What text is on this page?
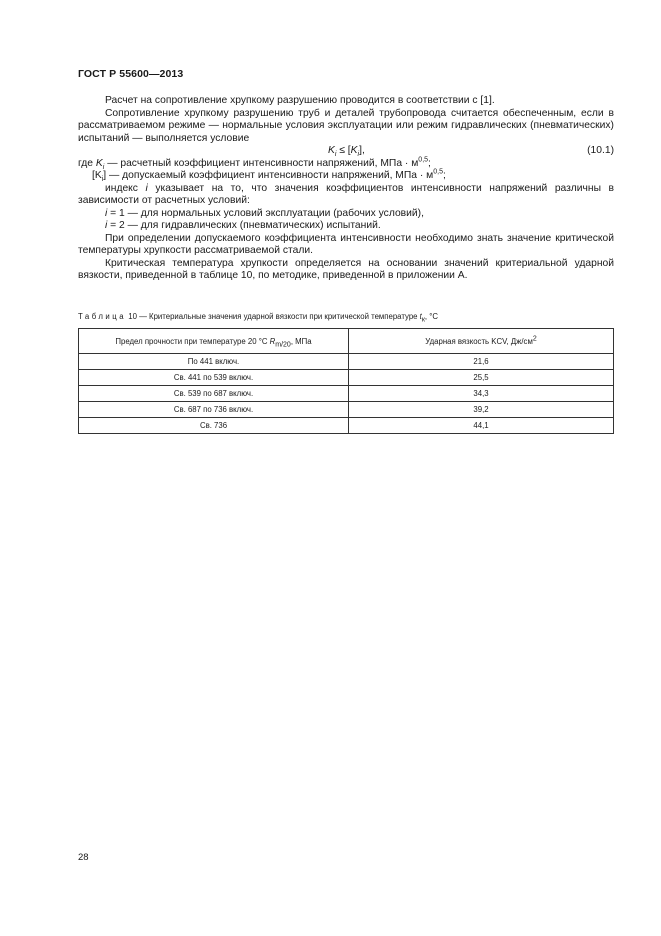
ГОСТ Р 55600—2013

Расчет на сопротивление хрупкому разрушению проводится в соответствии с [1].

Сопротивление хрупкому разрушению труб и деталей трубопровода считается обеспеченным, если в рассматриваемом режиме — нормальные условия эксплуатации или режим гидравлических (пневматических) испытаний — выполняется условие

$K_i \le [K_i]$,	(10.1)

где $K_i$ — расчетный коэффициент интенсивности напряжений, МПа · $м^{0,5}$;

$[K_i]$ — допускаемый коэффициент интенсивности напряжений, МПа · $м^{0,5}$;

индекс i указывает на то, что значения коэффициентов интенсивности напряжений различны в зависимости от расчетных условий:

i = 1 — для нормальных условий эксплуатации (рабочих условий),

i = 2 — для гидравлических (пневматических) испытаний.

При определении допускаемого коэффициента интенсивности необходимо знать значение критической температуры хрупкости рассматриваемой стали.

Критическая температура хрупкости определяется на основании значений критериальной ударной вязкости, приведенной в таблице 10, по методике, приведенной в приложении А.

Таблица 10 — Критериальные значения ударной вязкости при критической температуре $t_к$, °С
Предел прочности при температуре 20 °С $R_{m/20}$, МПа	Ударная вязкость KCV, $Дж/см^2$
По 441 включ.	21,6
Св. 441 по 539 включ.	25,5
Св. 539 по 687 включ.	34,3
Св. 687 по 736 включ.	39,2
Св. 736	44,1
28
